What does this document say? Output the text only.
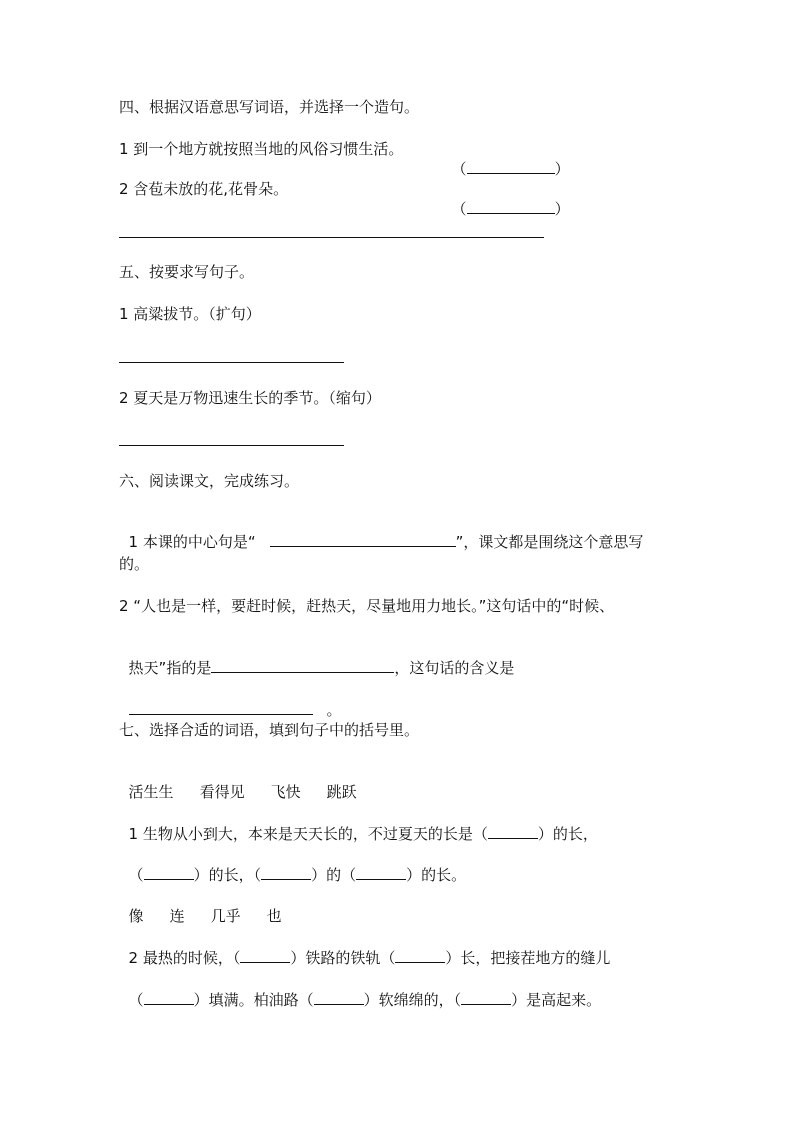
四、根据汉语意思写词语，并选择一个造句。
1 到一个地方就按照当地的风俗习惯生活。

（	）

2 含苞未放的花,花骨朵。

（	）

五、按要求写句子。
1 高粱拔节。（扩句）
2 夏天是万物迅速生长的季节。（缩句）
六、阅读课文，完成练习。

1 本课的中心句是“	”，课文都是围绕这个意思写

的。
2 “人也是一样，要赶时候，赶热天，尽量地用力地长。”这句话中的“时候、

热天”指的是	，这句话的含义是

。

七、选择合适的词语，填到句子中的括号里。

活生生 看得见 飞快 跳跃

1 生物从小到大，本来是天天长的，不过夏天的长是（	）的长，

（	）的长，（	）的（	）的长。

像 连 几乎 也

2 最热的时候，（	）铁路的铁轨（	）长，把接茬地方的缝儿

（	）填满。柏油路（	）软绵绵的，（	）是高起来。
